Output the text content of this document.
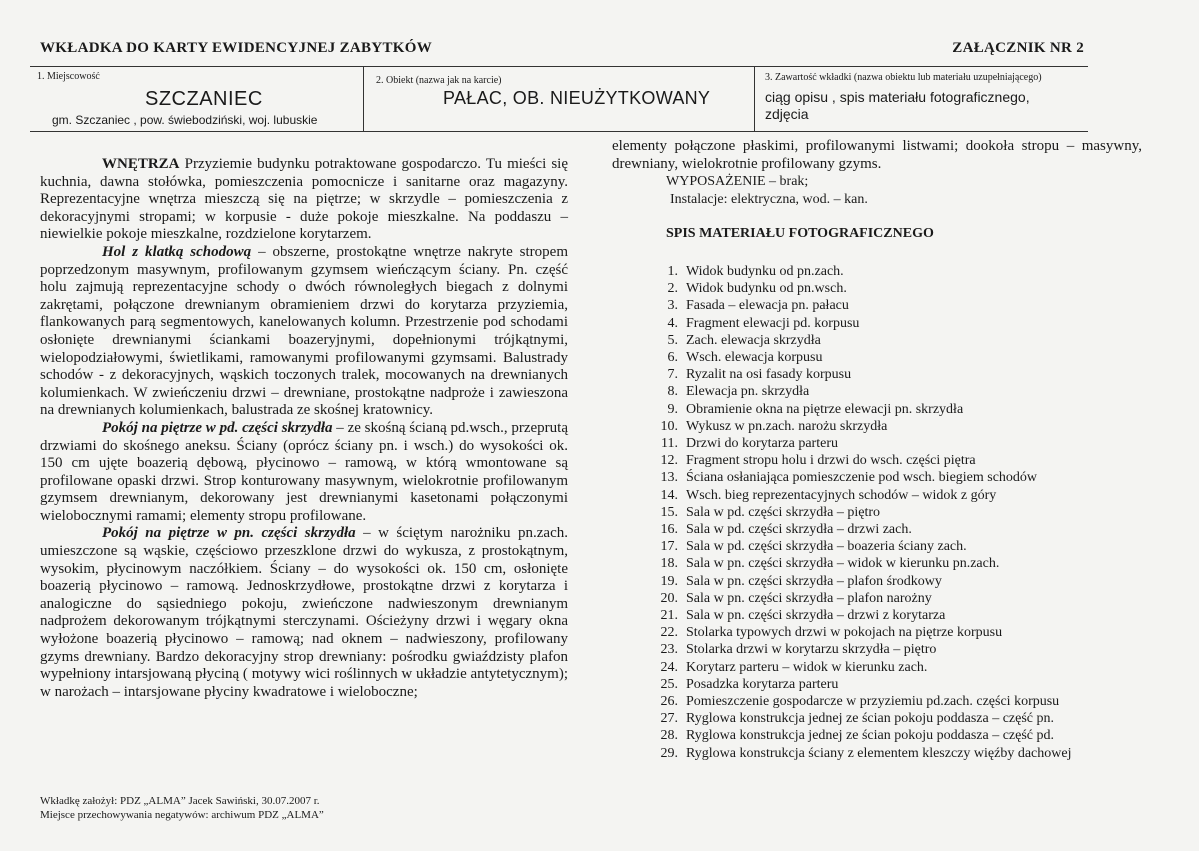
WKŁADKA DO KARTY EWIDENCYJNEJ ZABYTKÓW	ZAŁĄCZNIK NR 2
1. Miejscowość
SZCZANIEC
gm. Szczaniec , pow. świebodziński, woj. lubuskie
2. Obiekt (nazwa jak na karcie)
PAŁAC, OB. NIEUŻYTKOWANY
3. Zawartość wkładki (nazwa obiektu lub materiału uzupełniającego)
ciąg opisu , spis materiału fotograficznego, zdjęcia
WNĘTRZA Przyziemie budynku potraktowane gospodarczo. Tu mieści się kuchnia, dawna stołówka, pomieszczenia pomocnicze i sanitarne oraz magazyny. Reprezentacyjne wnętrza mieszczą się na piętrze; w skrzydle – pomieszczenia z dekoracyjnymi stropami; w korpusie - duże pokoje mieszkalne. Na poddaszu – niewielkie pokoje mieszkalne, rozdzielone korytarzem.
Hol z klatką schodową – obszerne, prostokątne wnętrze nakryte stropem poprzedzonym masywnym, profilowanym gzymsem wieńczącym ściany. Pn. część holu zajmują reprezentacyjne schody o dwóch równoległych biegach z dolnymi zakrętami, połączone drewnianym obramieniem drzwi do korytarza przyziemia, flankowanych parą segmentowych, kanelowanych kolumn. Przestrzenie pod schodami osłonięte drewnianymi ściankami boazeryjnymi, dopełnionymi trójkątnymi, wielopodziałowymi, świetlikami, ramowanymi profilowanymi gzymsami. Balustrady schodów - z dekoracyjnych, wąskich toczonych tralek, mocowanych na drewnianych kolumienkach. W zwieńczeniu drzwi – drewniane, prostokątne nadproże i zawieszona na drewnianych kolumienkach, balustrada ze skośnej kratownicy.
Pokój na piętrze w pd. części skrzydła – ze skośną ścianą pd.wsch., przeprutą drzwiami do skośnego aneksu. Ściany (oprócz ściany pn. i wsch.) do wysokości ok. 150 cm ujęte boazerią dębową, płycinowo – ramową, w którą wmontowane są profilowane opaski drzwi. Strop konturowany masywnym, wielokrotnie profilowanym gzymsem drewnianym, dekorowany jest drewnianymi kasetonami połączonymi wielobocznymi ramami; elementy stropu profilowane.
Pokój na piętrze w pn. części skrzydła – w ściętym narożniku pn.zach. umieszczone są wąskie, częściowo przeszklone drzwi do wykusza, z prostokątnym, wysokim, płycinowym naczółkiem. Ściany – do wysokości ok. 150 cm, osłonięte boazerią płycinowo – ramową. Jednoskrzydłowe, prostokątne drzwi z korytarza i analogiczne do sąsiedniego pokoju, zwieńczone nadwieszonym drewnianym nadprożem dekorowanym trójkątnymi sterczynami. Ościeżyny drzwi i węgary okna wyłożone boazerią płycinowo – ramową; nad oknem – nadwieszony, profilowany gzyms drewniany. Bardzo dekoracyjny strop drewniany: pośrodku gwiaździsty plafon wypełniony intarsjowaną płyciną ( motywy wici roślinnych w układzie antytetycznym); w narożach – intarsjowane płyciny kwadratowe i wieloboczne;
elementy połączone płaskimi, profilowanymi listwami; dookoła stropu – masywny, drewniany, wielokrotnie profilowany gzyms.
WYPOSAŻENIE – brak;
Instalacje: elektryczna, wod. – kan.
SPIS MATERIAŁU FOTOGRAFICZNEGO
1. Widok budynku od pn.zach.
2. Widok budynku od pn.wsch.
3. Fasada – elewacja pn. pałacu
4. Fragment elewacji pd. korpusu
5. Zach. elewacja skrzydła
6. Wsch. elewacja korpusu
7. Ryzalit na osi fasady korpusu
8. Elewacja pn. skrzydła
9. Obramienie okna na piętrze elewacji pn. skrzydła
10. Wykusz w pn.zach. narożu skrzydła
11. Drzwi do korytarza parteru
12. Fragment stropu holu i drzwi do wsch. części piętra
13. Ściana osłaniająca pomieszczenie pod wsch. biegiem schodów
14. Wsch. bieg reprezentacyjnych schodów – widok z góry
15. Sala w pd. części skrzydła – piętro
16. Sala w pd. części skrzydła – drzwi zach.
17. Sala w pd. części skrzydła – boazeria ściany zach.
18. Sala w pn. części skrzydła – widok w kierunku pn.zach.
19. Sala w pn. części skrzydła – plafon środkowy
20. Sala w pn. części skrzydła – plafon narożny
21. Sala w pn. części skrzydła – drzwi z korytarza
22. Stolarka typowych drzwi w pokojach na piętrze korpusu
23. Stolarka drzwi w korytarzu skrzydła – piętro
24. Korytarz parteru – widok w kierunku zach.
25. Posadzka korytarza parteru
26. Pomieszczenie gospodarcze w przyziemiu pd.zach. części korpusu
27. Ryglowa konstrukcja jednej ze ścian pokoju poddasza – część pn.
28. Ryglowa konstrukcja jednej ze ścian pokoju poddasza – część pd.
29. Ryglowa konstrukcja ściany z elementem kleszczy więźby dachowej
Wkładkę założył: PDZ „ALMA” Jacek Sawiński, 30.07.2007 r.
Miejsce przechowywania negatywów: archiwum PDZ „ALMA”
